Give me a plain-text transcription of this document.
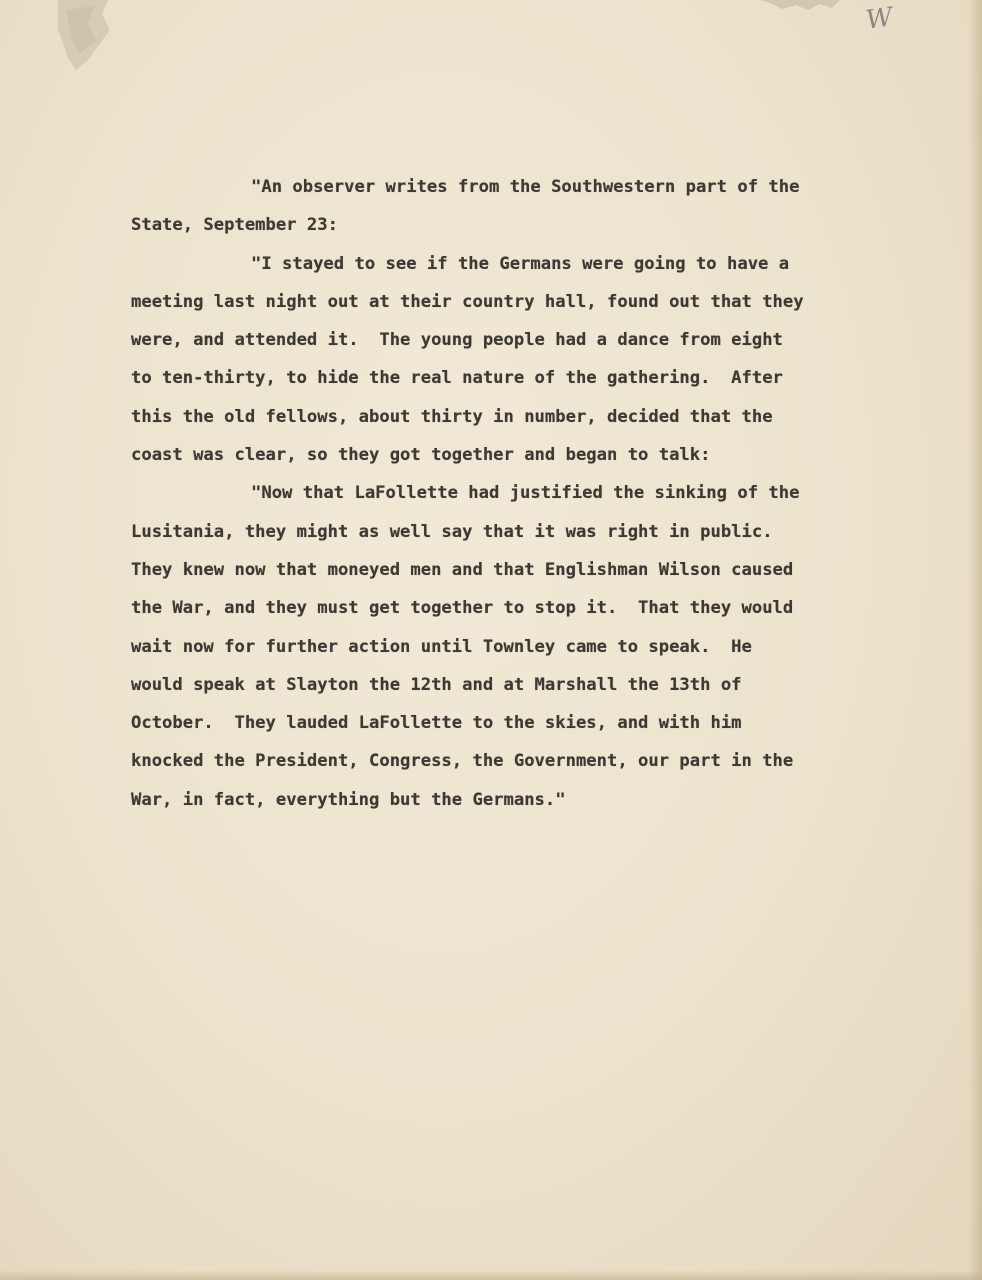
W
"An observer writes from the Southwestern part of the
State, September 23:
"I stayed to see if the Germans were going to have a
meeting last night out at their country hall, found out that they
were, and attended it.  The young people had a dance from eight
to ten-thirty, to hide the real nature of the gathering.  After
this the old fellows, about thirty in number, decided that the
coast was clear, so they got together and began to talk:
"Now that LaFollette had justified the sinking of the
Lusitania, they might as well say that it was right in public.
They knew now that moneyed men and that Englishman Wilson caused
the War, and they must get together to stop it.  That they would
wait now for further action until Townley came to speak.  He
would speak at Slayton the 12th and at Marshall the 13th of
October.  They lauded LaFollette to the skies, and with him
knocked the President, Congress, the Government, our part in the
War, in fact, everything but the Germans."
